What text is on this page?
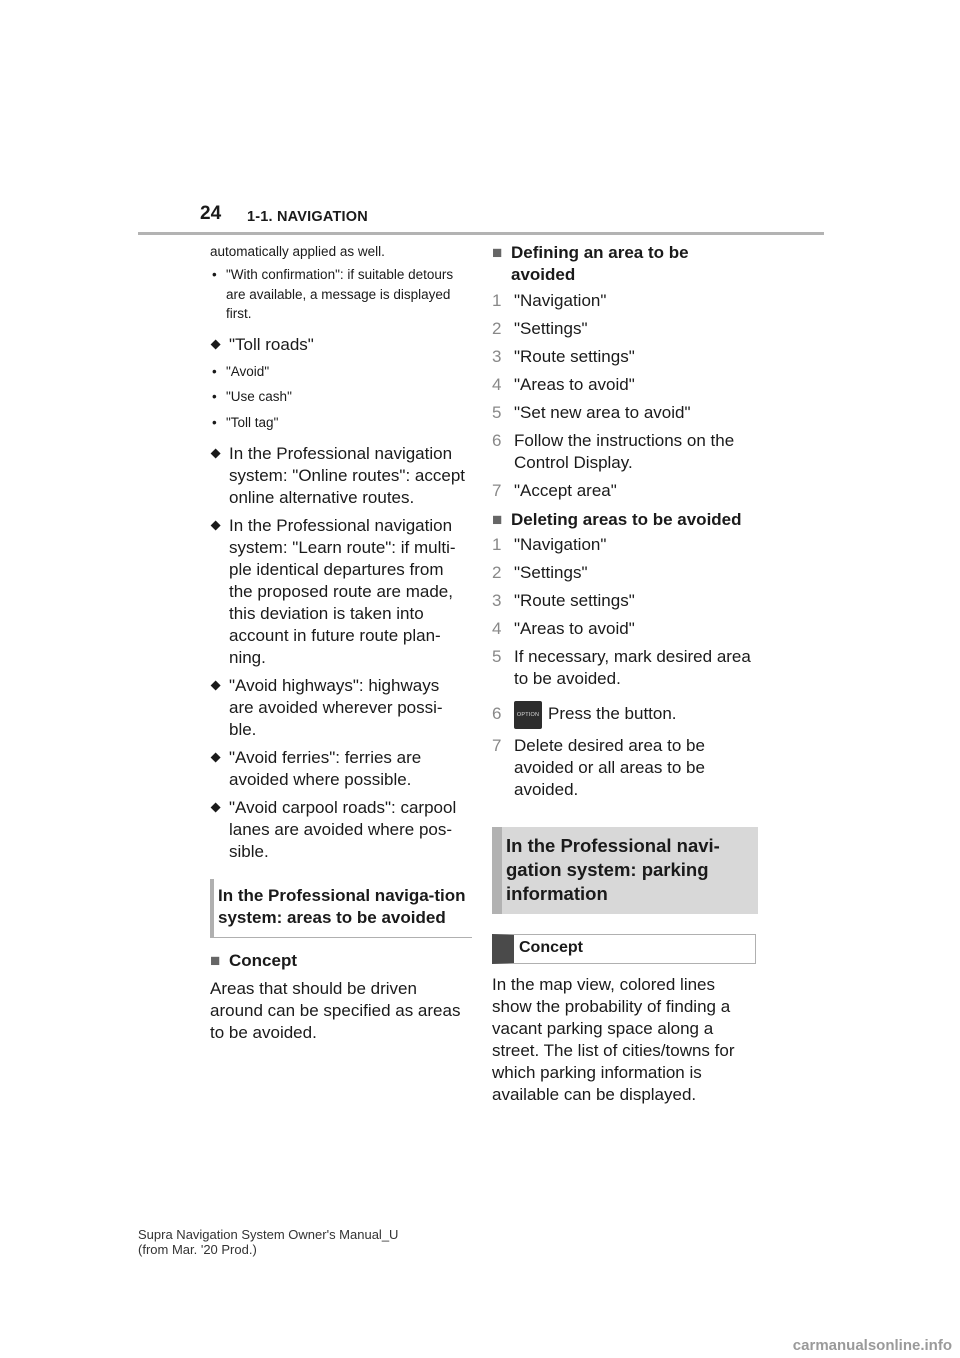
24 1-1. NAVIGATION
automatically applied as well.
• "With confirmation": if suitable detours are available, a message is displayed first.
⯁ "Toll roads"
• "Avoid"
• "Use cash"
• "Toll tag"
⯁ In the Professional navigation system: "Online routes": accept online alternative routes.
⯁ In the Professional navigation system: "Learn route": if multi-ple identical departures from the proposed route are made, this deviation is taken into account in future route plan-ning.
⯁ "Avoid highways": highways are avoided wherever possi-ble.
⯁ "Avoid ferries": ferries are avoided where possible.
⯁ "Avoid carpool roads": carpool lanes are avoided where pos-sible.
In the Professional naviga-tion system: areas to be avoided
■ Concept
Areas that should be driven around can be specified as areas to be avoided.
■ Defining an area to be avoided
1 "Navigation"
2 "Settings"
3 "Route settings"
4 "Areas to avoid"
5 "Set new area to avoid"
6 Follow the instructions on the Control Display.
7 "Accept area"
■ Deleting areas to be avoided
1 "Navigation"
2 "Settings"
3 "Route settings"
4 "Areas to avoid"
5 If necessary, mark desired area to be avoided.
6	OPTION Press the button.
7 Delete desired area to be avoided or all areas to be avoided.
In the Professional navi-gation system: parking information
Concept
In the map view, colored lines show the probability of finding a vacant parking space along a street. The list of cities/towns for which parking information is available can be displayed.
Supra Navigation System Owner's Manual_U
(from Mar. '20 Prod.)
carmanualsonline.info
